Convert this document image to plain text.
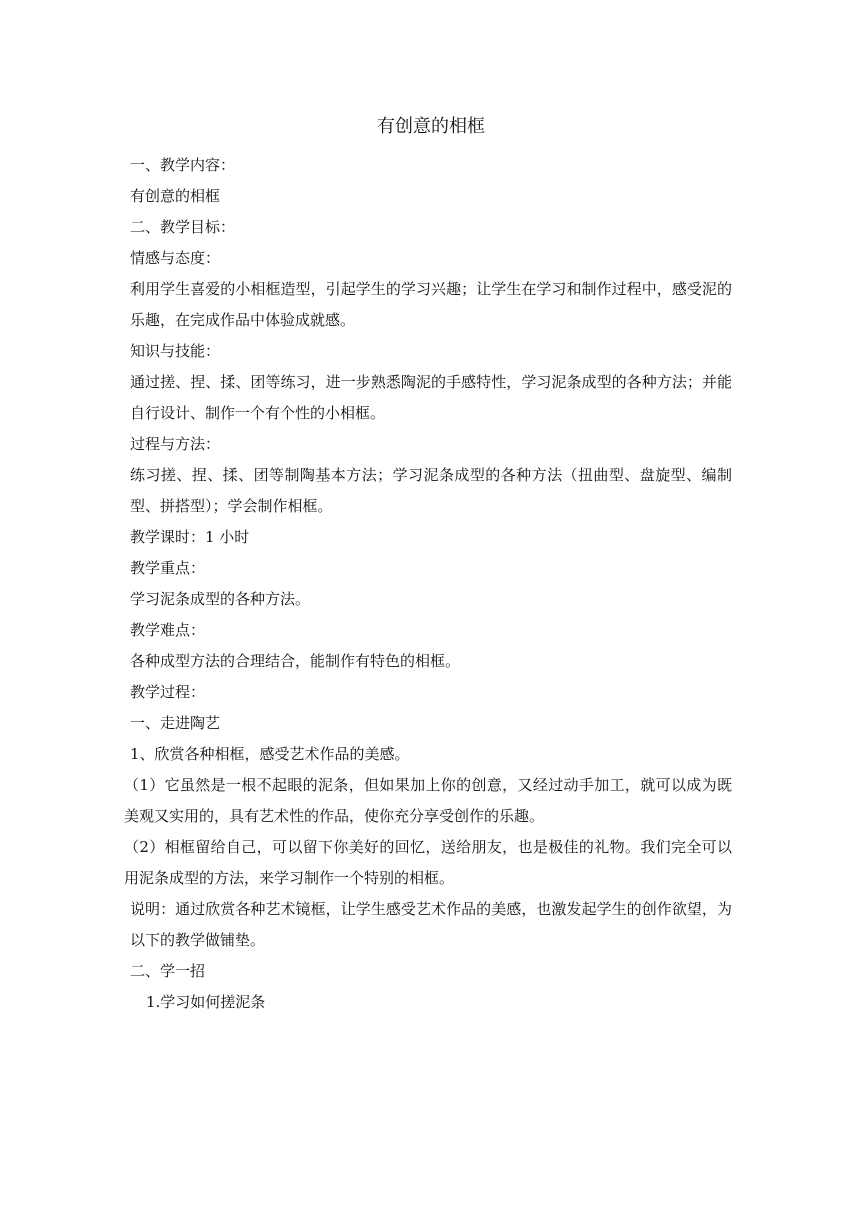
有创意的相框

一、教学内容：

有创意的相框

二、教学目标：

情感与态度：

利用学生喜爱的小相框造型，引起学生的学习兴趣；让学生在学习和制作过程中，感受泥的乐趣，在完成作品中体验成就感。

知识与技能：

通过搓、捏、揉、团等练习，进一步熟悉陶泥的手感特性，学习泥条成型的各种方法；并能自行设计、制作一个有个性的小相框。

过程与方法：

练习搓、捏、揉、团等制陶基本方法；学习泥条成型的各种方法（扭曲型、盘旋型、编制型、拼搭型）；学会制作相框。

教学课时：1 小时

教学重点：

学习泥条成型的各种方法。

教学难点：

各种成型方法的合理结合，能制作有特色的相框。

教学过程：

一、走进陶艺

1、欣赏各种相框，感受艺术作品的美感。

（1）它虽然是一根不起眼的泥条，但如果加上你的创意，又经过动手加工，就可以成为既美观又实用的，具有艺术性的作品，使你充分享受创作的乐趣。

（2）相框留给自己，可以留下你美好的回忆，送给朋友，也是极佳的礼物。我们完全可以用泥条成型的方法，来学习制作一个特别的相框。

说明：通过欣赏各种艺术镜框，让学生感受艺术作品的美感，也激发起学生的创作欲望，为以下的教学做铺垫。

二、学一招

1.学习如何搓泥条
